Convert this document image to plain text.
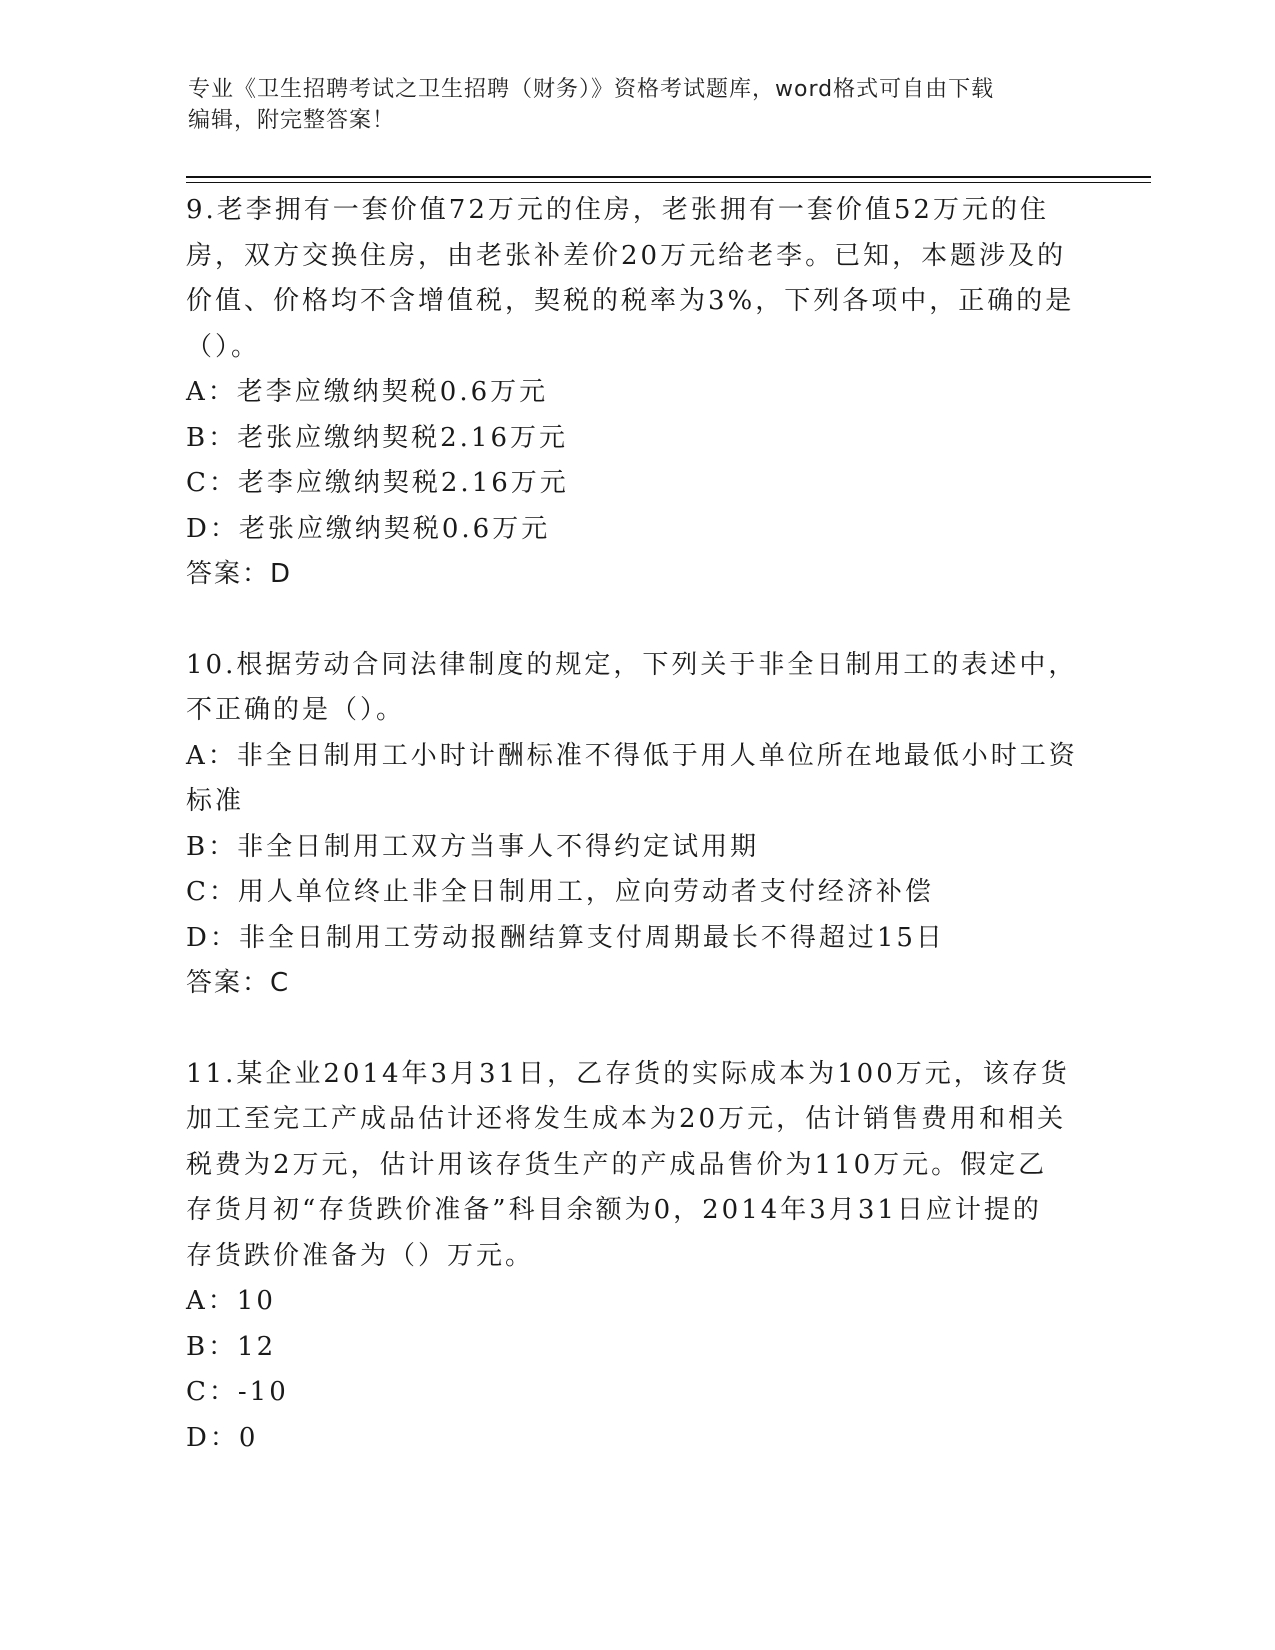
专业《卫生招聘考试之卫生招聘（财务）》资格考试题库，word格式可自由下载
编辑，附完整答案！
9.老李拥有一套价值72万元的住房，老张拥有一套价值52万元的住
房，双方交换住房，由老张补差价20万元给老李。已知，本题涉及的
价值、价格均不含增值税，契税的税率为3%，下列各项中，正确的是
（）。
A：老李应缴纳契税0.6万元
B：老张应缴纳契税2.16万元
C：老李应缴纳契税2.16万元
D：老张应缴纳契税0.6万元
答案：D
10.根据劳动合同法律制度的规定，下列关于非全日制用工的表述中，
不正确的是（）。
A：非全日制用工小时计酬标准不得低于用人单位所在地最低小时工资
标准
B：非全日制用工双方当事人不得约定试用期
C：用人单位终止非全日制用工，应向劳动者支付经济补偿
D：非全日制用工劳动报酬结算支付周期最长不得超过15日
答案：C
11.某企业2014年3月31日，乙存货的实际成本为100万元，该存货
加工至完工产成品估计还将发生成本为20万元，估计销售费用和相关
税费为2万元，估计用该存货生产的产成品售价为110万元。假定乙
存货月初“存货跌价准备”科目余额为0，2014年3月31日应计提的
存货跌价准备为（）万元。
A：10
B：12
C：-10
D：0
